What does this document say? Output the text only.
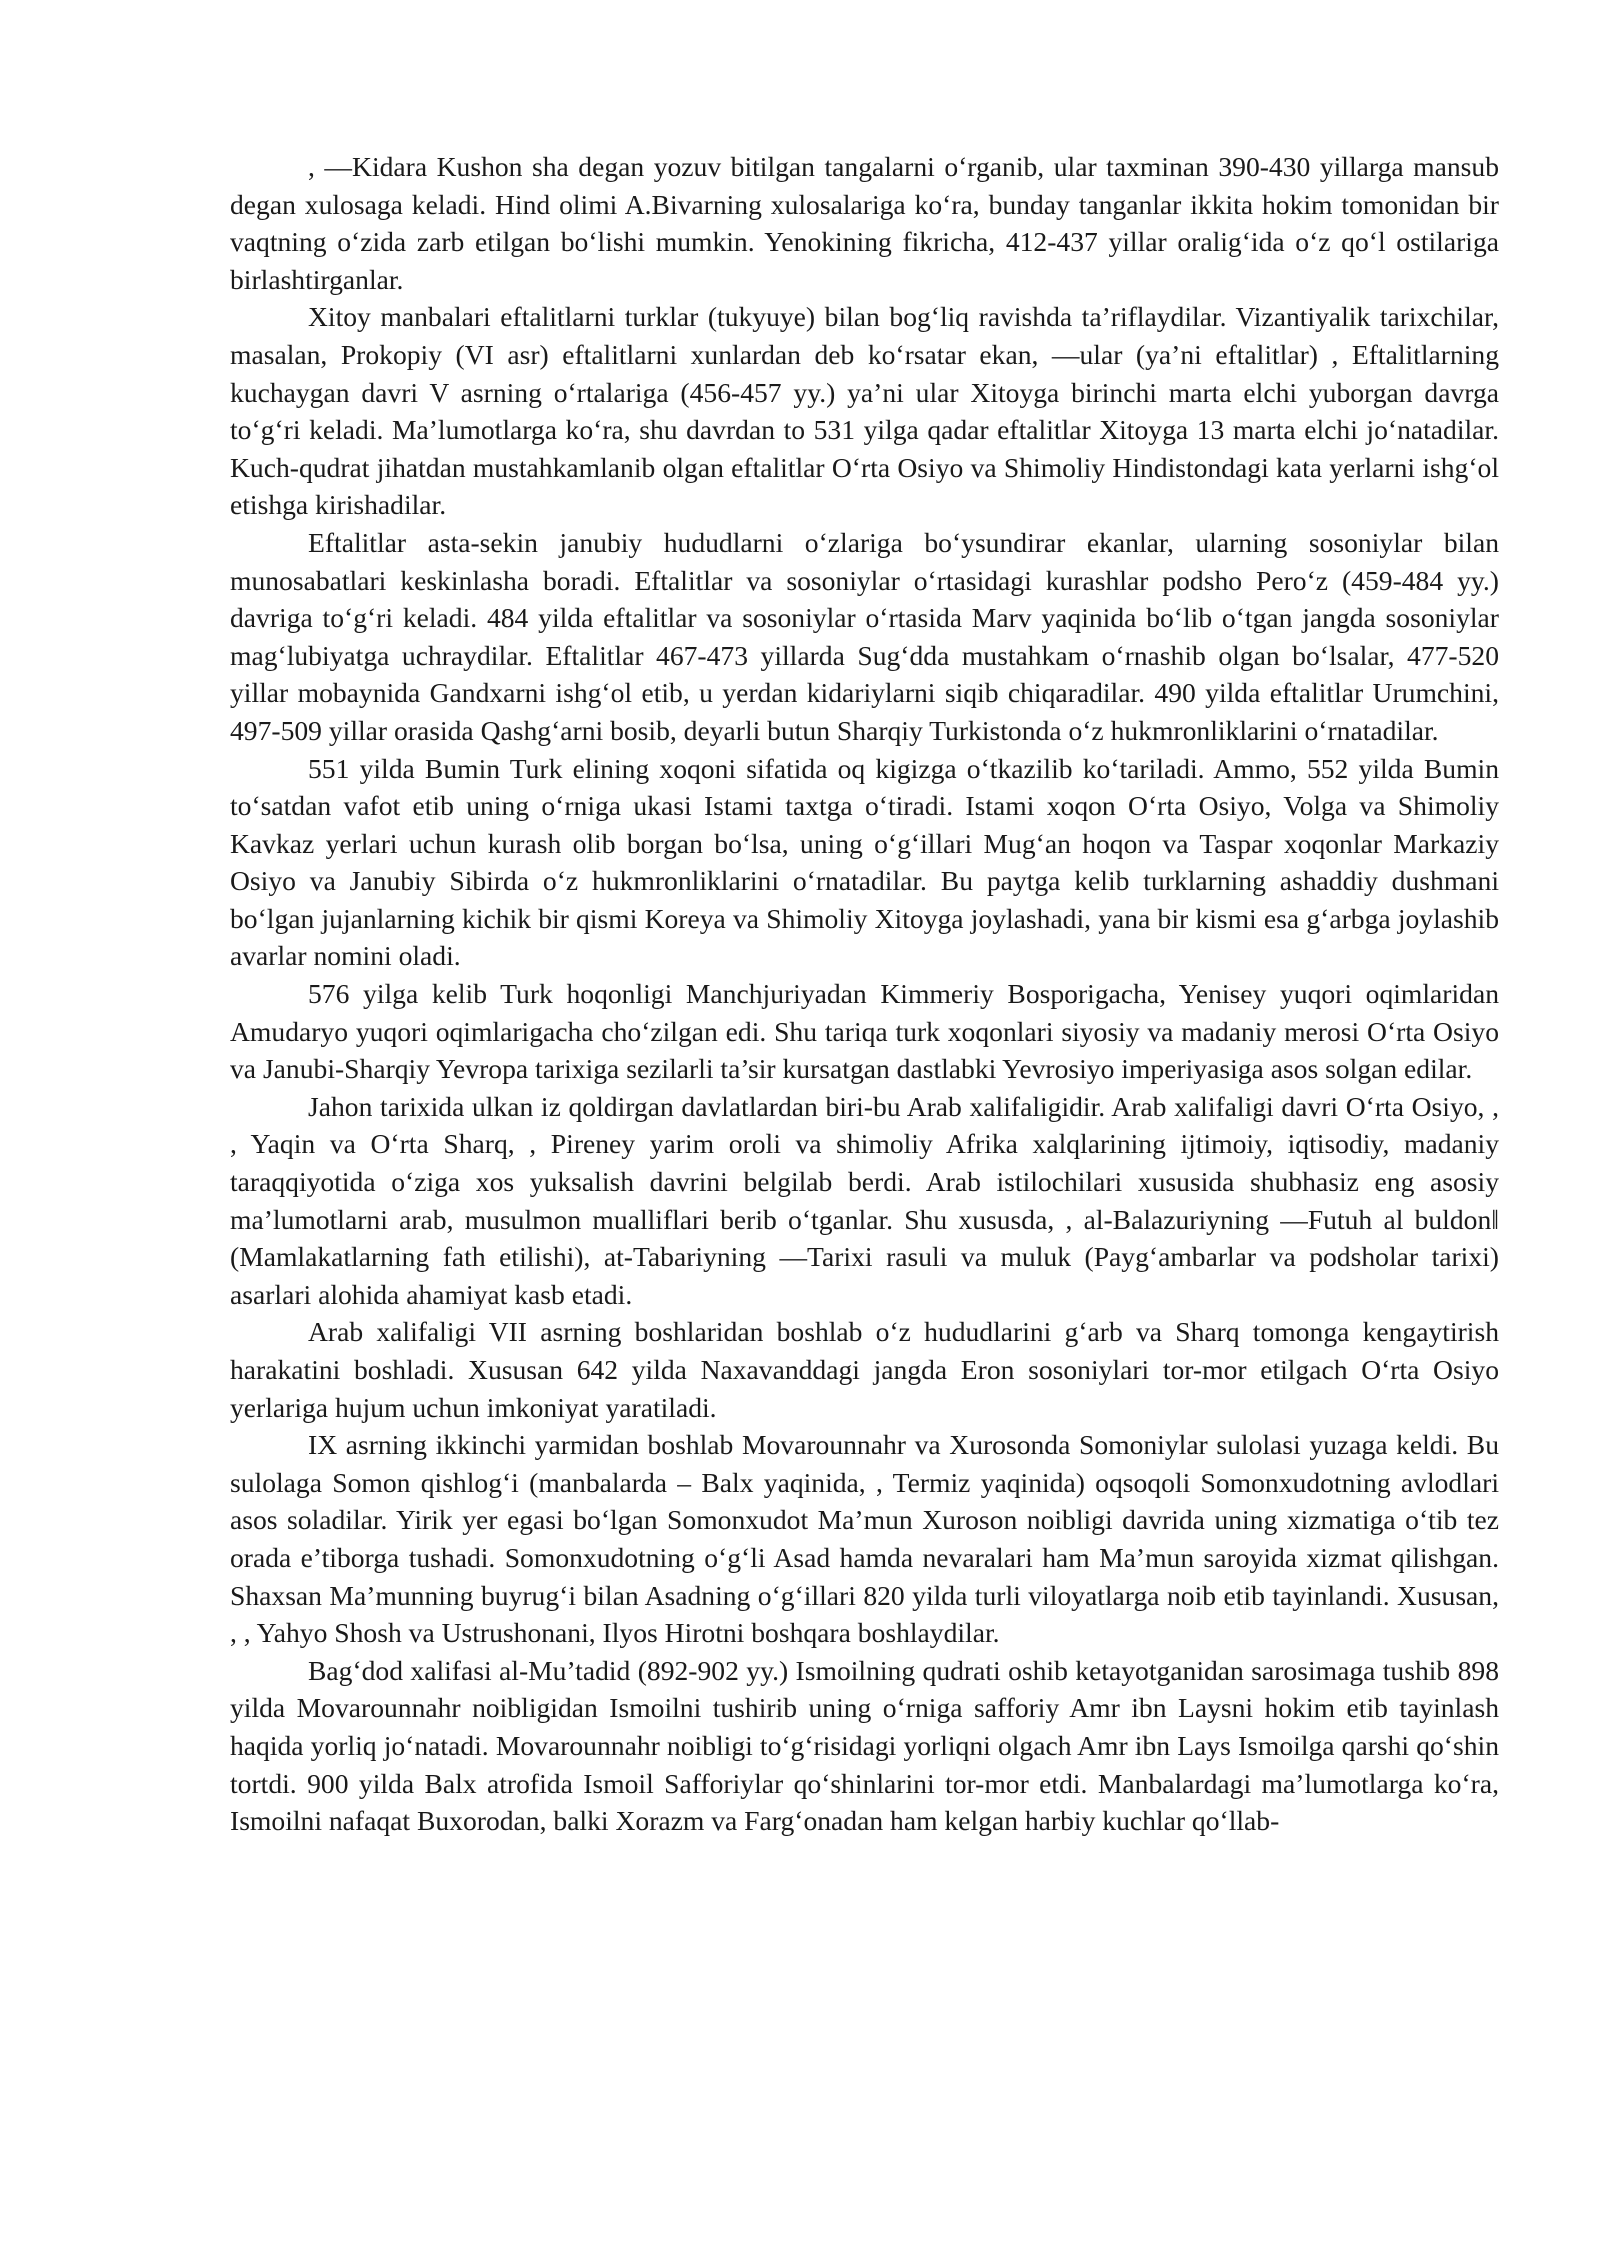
, —Kidara Kushon sha degan yozuv bitilgan tangalarni o‘rganib, ular taxminan 390-430 yillarga mansub degan xulosaga keladi. Hind olimi A.Bivarning xulosalariga ko‘ra, bunday tanganlar ikkita hokim tomonidan bir vaqtning o‘zida zarb etilgan bo‘lishi mumkin. Yenokining fikricha, 412-437 yillar oralig‘ida o‘z qo‘l ostilariga birlashtirganlar.

Xitoy manbalari eftalitlarni turklar (tukyuye) bilan bog‘liq ravishda ta’riflaydilar. Vizantiyalik tarixchilar, masalan, Prokopiy (VI asr) eftalitlarni xunlardan deb ko‘rsatar ekan, —ular (ya’ni eftalitlar) , Eftalitlarning kuchaygan davri V asrning o‘rtalariga (456-457 yy.) ya’ni ular Xitoyga birinchi marta elchi yuborgan davrga to‘g‘ri keladi. Ma’lumotlarga ko‘ra, shu davrdan to 531 yilga qadar eftalitlar Xitoyga 13 marta elchi jo‘natadilar. Kuch-qudrat jihatdan mustahkamlanib olgan eftalitlar O‘rta Osiyo va Shimoliy Hindistondagi kata yerlarni ishg‘ol etishga kirishadilar.

Eftalitlar asta-sekin janubiy hududlarni o‘zlariga bo‘ysundirar ekanlar, ularning sosoniylar bilan munosabatlari keskinlasha boradi. Eftalitlar va sosoniylar o‘rtasidagi kurashlar podsho Pero‘z (459-484 yy.) davriga to‘g‘ri keladi. 484 yilda eftalitlar va sosoniylar o‘rtasida Marv yaqinida bo‘lib o‘tgan jangda sosoniylar mag‘lubiyatga uchraydilar. Eftalitlar 467-473 yillarda Sug‘dda mustahkam o‘rnashib olgan bo‘lsalar, 477-520 yillar mobaynida Gandxarni ishg‘ol etib, u yerdan kidariylarni siqib chiqaradilar. 490 yilda eftalitlar Urumchini, 497-509 yillar orasida Qashg‘arni bosib, deyarli butun Sharqiy Turkistonda o‘z hukmronliklarini o‘rnatadilar.

551 yilda Bumin Turk elining xoqoni sifatida oq kigizga o‘tkazilib ko‘tariladi. Ammo, 552 yilda Bumin to‘satdan vafot etib uning o‘rniga ukasi Istami taxtga o‘tiradi. Istami xoqon O‘rta Osiyo, Volga va Shimoliy Kavkaz yerlari uchun kurash olib borgan bo‘lsa, uning o‘g‘illari Mug‘an hoqon va Taspar xoqonlar Markaziy Osiyo va Janubiy Sibirda o‘z hukmronliklarini o‘rnatadilar. Bu paytga kelib turklarning ashaddiy dushmani bo‘lgan jujanlarning kichik bir qismi Koreya va Shimoliy Xitoyga joylashadi, yana bir kismi esa g‘arbga joylashib avarlar nomini oladi.

576 yilga kelib Turk hoqonligi Manchjuriyadan Kimmeriy Bosporigacha, Yenisey yuqori oqimlaridan Amudaryo yuqori oqimlarigacha cho‘zilgan edi. Shu tariqa turk xoqonlari siyosiy va madaniy merosi O‘rta Osiyo va Janubi-Sharqiy Yevropa tarixiga sezilarli ta’sir kursatgan dastlabki Yevrosiyo imperiyasiga asos solgan edilar.

Jahon tarixida ulkan iz qoldirgan davlatlardan biri-bu Arab xalifaligidir. Arab xalifaligi davri O‘rta Osiyo, , , Yaqin va O‘rta Sharq, , Pireney yarim oroli va shimoliy Afrika xalqlarining ijtimoiy, iqtisodiy, madaniy taraqqiyotida o‘ziga xos yuksalish davrini belgilab berdi. Arab istilochilari xususida shubhasiz eng asosiy ma’lumotlarni arab, musulmon mualliflari berib o‘tganlar. Shu xususda, , al-Balazuriyning —Futuh al buldon‖ (Mamlakatlarning fath etilishi), at-Tabariyning —Tarixi rasuli va muluk (Payg‘ambarlar va podsholar tarixi) asarlari alohida ahamiyat kasb etadi.

Arab xalifaligi VII asrning boshlaridan boshlab o‘z hududlarini g‘arb va Sharq tomonga kengaytirish harakatini boshladi. Xususan 642 yilda Naxavanddagi jangda Eron sosoniylari tor-mor etilgach O‘rta Osiyo yerlariga hujum uchun imkoniyat yaratiladi.

IX asrning ikkinchi yarmidan boshlab Movarounnahr va Xurosonda Somoniylar sulolasi yuzaga keldi. Bu sulolaga Somon qishlog‘i (manbalarda – Balx yaqinida, , Termiz yaqinida) oqsoqoli Somonxudotning avlodlari asos soladilar. Yirik yer egasi bo‘lgan Somonxudot Ma’mun Xuroson noibligi davrida uning xizmatiga o‘tib tez orada e’tiborga tushadi. Somonxudotning o‘g‘li Asad hamda nevaralari ham Ma’mun saroyida xizmat qilishgan. Shaxsan Ma’munning buyrug‘i bilan Asadning o‘g‘illari 820 yilda turli viloyatlarga noib etib tayinlandi. Xususan, , , Yahyo Shosh va Ustrushonani, Ilyos Hirotni boshqara boshlaydilar.

Bag‘dod xalifasi al-Mu’tadid (892-902 yy.) Ismoilning qudrati oshib ketayotganidan sarosimaga tushib 898 yilda Movarounnahr noibligidan Ismoilni tushirib uning o‘rniga safforiy Amr ibn Laysni hokim etib tayinlash haqida yorliq jo‘natadi. Movarounnahr noibligi to‘g‘risidagi yorliqni olgach Amr ibn Lays Ismoilga qarshi qo‘shin tortdi. 900 yilda Balx atrofida Ismoil Safforiylar qo‘shinlarini tor-mor etdi. Manbalardagi ma’lumotlarga ko‘ra, Ismoilni nafaqat Buxorodan, balki Xorazm va Farg‘onadan ham kelgan harbiy kuchlar qo‘llab-
